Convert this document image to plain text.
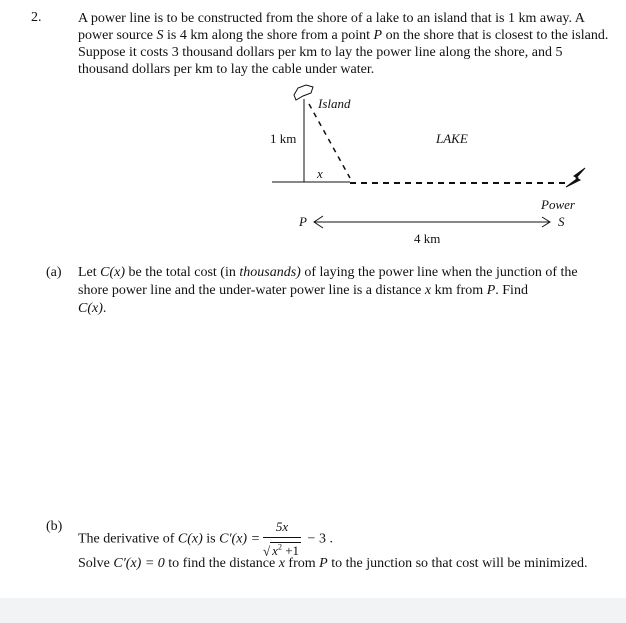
2.	A power line is to be constructed from the shore of a lake to an island that is 1 km away. A power source S is 4 km along the shore from a point P on the shore that is closest to the island. Suppose it costs 3 thousand dollars per km to lay the power line along the shore, and 5 thousand dollars per km to lay the cable under water.
Island
1 km	LAKE
x
Power
S
P
4 km
(a) Let C(x) be the total cost (in thousands) of laying the power line when the junction of the shore power line and the under-water power line is a distance x km from P. Find
C(x).
(b)
The derivative of C(x) is $C'(x) = \frac{5x}{√ x^2 +1} - 3$ .
Solve C′(x) = 0 to find the distance x from P to the junction so that cost will be minimized.
